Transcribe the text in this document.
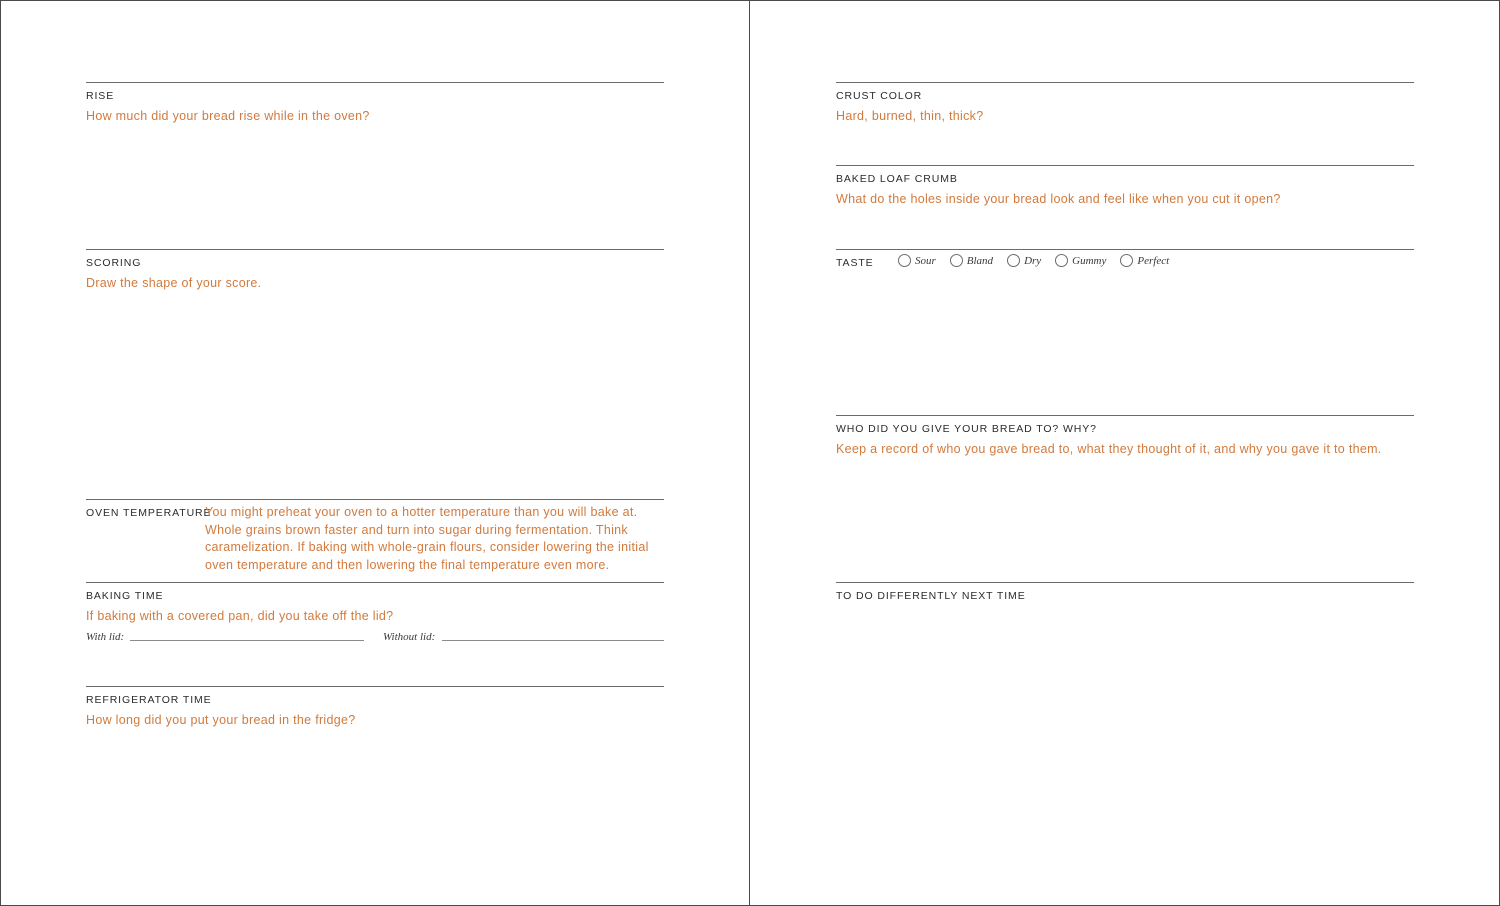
RISE
How much did your bread rise while in the oven?
SCORING
Draw the shape of your score.
OVEN TEMPERATURE
You might preheat your oven to a hotter temperature than you will bake at.
Whole grains brown faster and turn into sugar during fermentation. Think
caramelization. If baking with whole-grain flours, consider lowering the initial
oven temperature and then lowering the final temperature even more.
BAKING TIME
If baking with a covered pan, did you take off the lid?
With lid:	Without lid:
REFRIGERATOR TIME
How long did you put your bread in the fridge?
CRUST COLOR
Hard, burned, thin, thick?
BAKED LOAF CRUMB
What do the holes inside your bread look and feel like when you cut it open?
TASTE	Sour	Bland	Dry	Gummy	Perfect
WHO DID YOU GIVE YOUR BREAD TO? WHY?
Keep a record of who you gave bread to, what they thought of it, and why you gave it to them.
TO DO DIFFERENTLY NEXT TIME
